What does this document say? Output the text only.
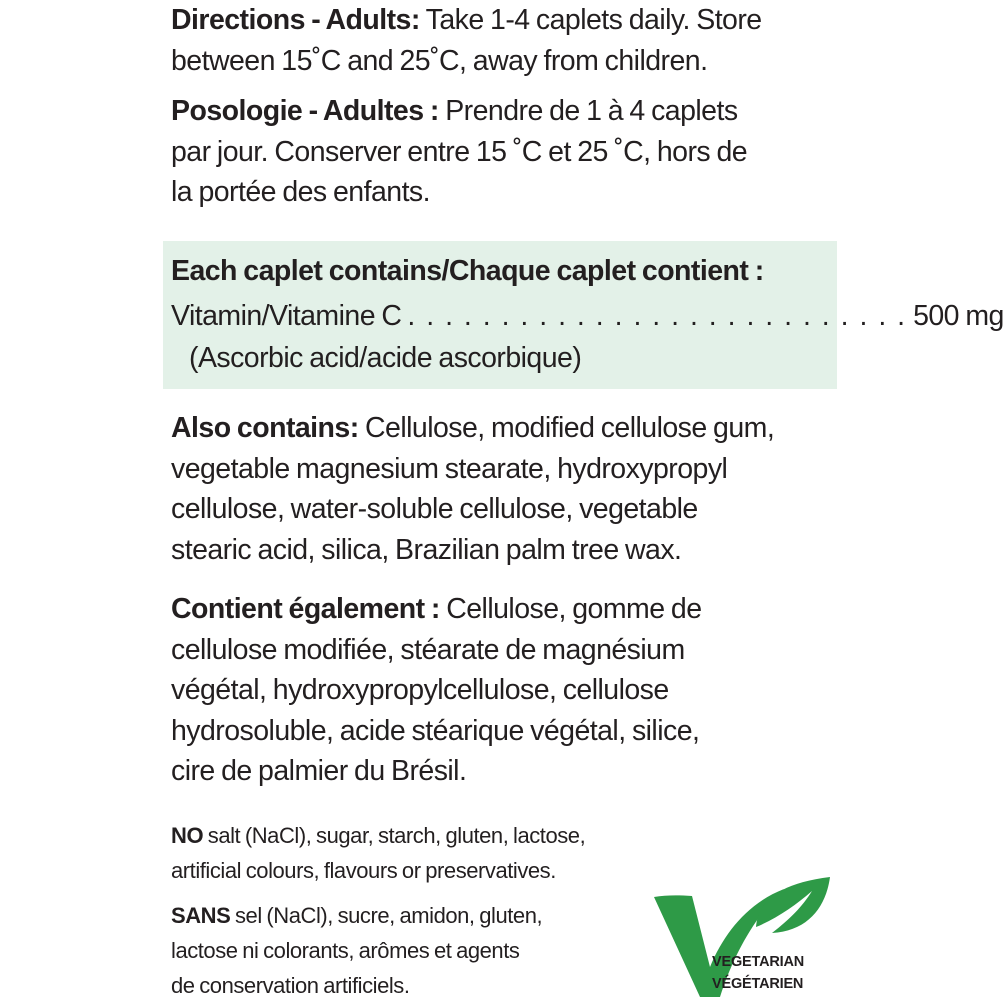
Directions - Adults: Take 1-4 caplets daily. Store
between 15˚C and 25˚C, away from children.

Posologie - Adultes : Prendre de 1 à 4 caplets
par jour. Conserver entre 15 ˚C et 25 ˚C, hors de
la portée des enfants.

Each caplet contains/Chaque caplet contient :
Vitamin/Vitamine C . . . . . . . . . . . . . . . . . . . . . . . . . . . 500 mg
(Ascorbic acid/acide ascorbique)

Also contains: Cellulose, modified cellulose gum,
vegetable magnesium stearate, hydroxypropyl
cellulose, water-soluble cellulose, vegetable
stearic acid, silica, Brazilian palm tree wax.

Contient également : Cellulose, gomme de
cellulose modifiée, stéarate de magnésium
végétal, hydroxypropylcellulose, cellulose
hydrosoluble, acide stéarique végétal, silice,
cire de palmier du Brésil.

NO salt (NaCl), sugar, starch, gluten, lactose,
artificial colours, flavours or preservatives.

SANS sel (NaCl), sucre, amidon, gluten,
lactose ni colorants, arômes et agents
de conservation artificiels.

VEGETARIAN
VÉGÉTARIEN
